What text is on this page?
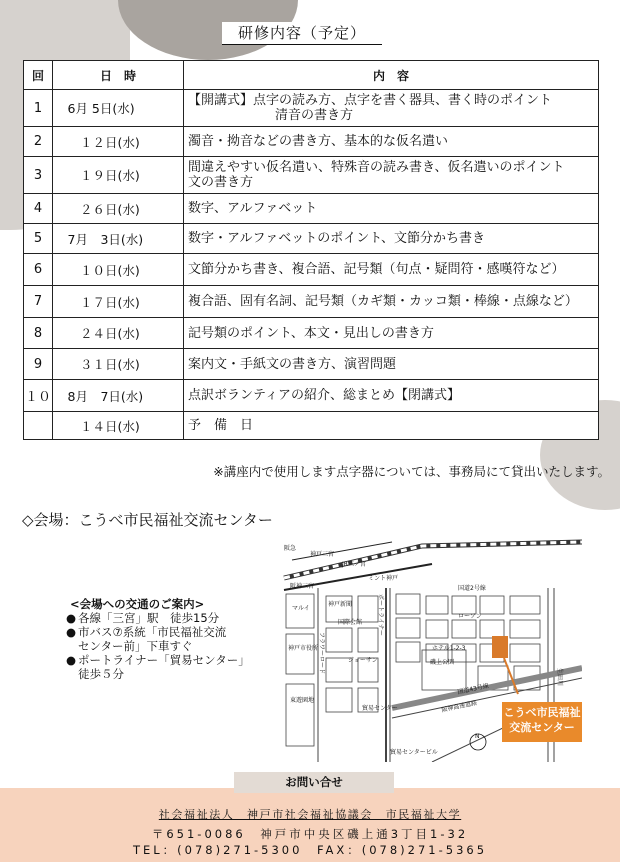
研修内容（予定）
回	日　時	内　容
1	　6月 5日(水)	【開講式】点字の読み方、点字を書く器具、書く時のポイント
清音の書き方

2	　　１２日(水)	濁音・拗音などの書き方、基本的な仮名遣い

3	　　１９日(水)	間違えやすい仮名遣い、特殊音の読み書き、仮名遣いのポイント
文の書き方

4	　　２６日(水)	数字、アルファベット

5	　7月　3日(水)	数字・アルファベットのポイント、文節分かち書き

6	　　１０日(水)	文節分かち書き、複合語、記号類（句点・疑問符・感嘆符など）

7	　　１７日(水)	複合語、固有名詞、記号類（カギ類・カッコ類・棒線・点線など）

8	　　２４日(水)	記号類のポイント、本文・見出しの書き方

9	　　３１日(水)	案内文・手紙文の書き方、演習問題

１０	　8月　7日(水)	点訳ボランティアの紹介、総まとめ【閉講式】

	　　１４日(水)	予　備　日
※講座内で使用します点字器については、事務局にて貸出いたします。
◇会場：こうべ市民福祉交流センター
<会場への交通のご案内>
● 各線「三宮」駅　徒歩15分
● 市バス⑦系統「市民福祉交流
センター前」下車すぐ
● ポートライナー「貿易センター」
徒歩５分
阪急
神戸三宮
JR三ノ宮
阪神三宮
ミント神戸
国道2号線
マルイ
神戸新聞
国際会館
神戸市役所
ジョーサン
東遊園地
ローソン
ホテル1-2-3
磯上公園
貿易センター
貿易センタービル
阪神高速道路
国道43号線
フラワーロード
ポートライナー
生田川
N
こうべ市民福祉
交流センター
お問い合せ
社会福祉法人　神戸市社会福祉協議会　市民福祉大学
〒651-0086　神戸市中央区磯上通3丁目1-32
TEL：(078)271-5300　FAX：(078)271-5365
